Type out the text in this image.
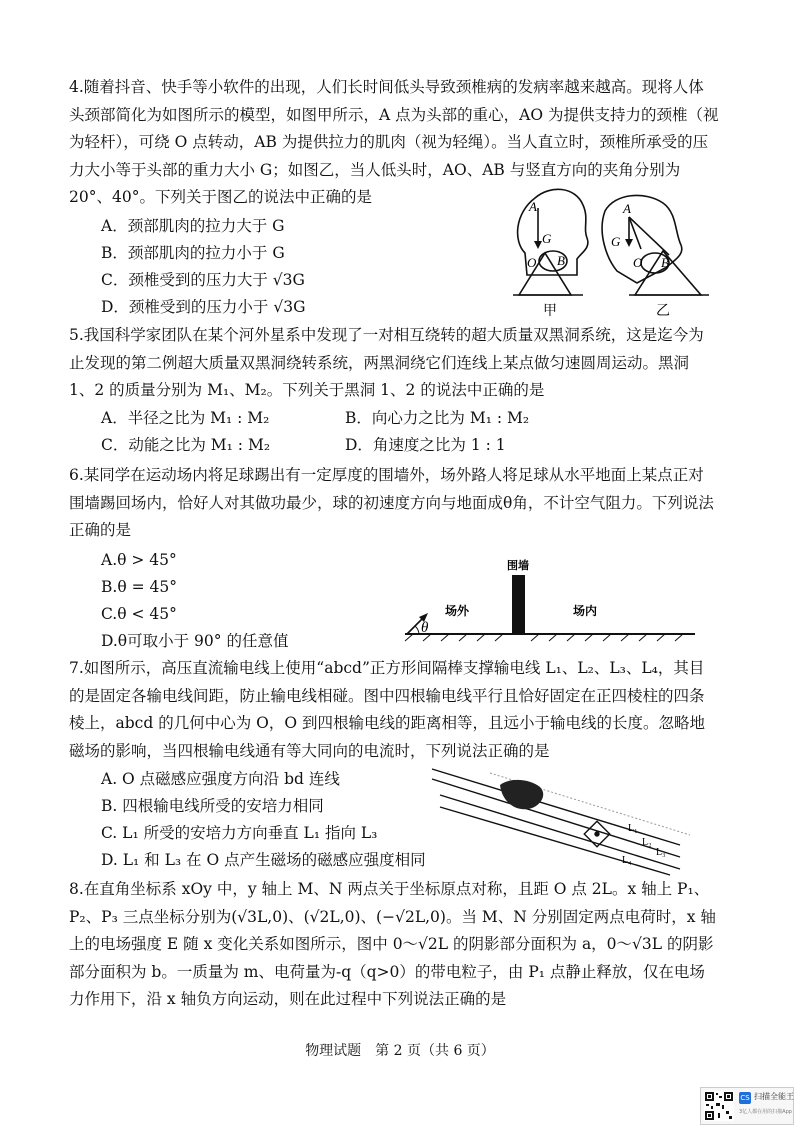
4.随着抖音、快手等小软件的出现，人们长时间低头导致颈椎病的发病率越来越高。现将人体头颈部简化为如图所示的模型，如图甲所示，A 点为头部的重心，AO 为提供支持力的颈椎（视为轻杆），可绕 O 点转动，AB 为提供拉力的肌肉（视为轻绳）。当人直立时，颈椎所承受的压力大小等于头部的重力大小 G；如图乙，当人低头时，AO、AB 与竖直方向的夹角分别为 20°、40°。下列关于图乙的说法中正确的是

A．颈部肌肉的拉力大于 G
B．颈部肌肉的拉力小于 G
C．颈椎受到的压力大于 √3G
D．颈椎受到的压力小于 √3G
A
G
O B
甲
A
G
O B
乙

5.我国科学家团队在某个河外星系中发现了一对相互绕转的超大质量双黑洞系统，这是迄今为止发现的第二例超大质量双黑洞绕转系统，两黑洞绕它们连线上某点做匀速圆周运动。黑洞 1、2 的质量分别为 M₁、M₂。下列关于黑洞 1、2 的说法中正确的是

A．半径之比为 M₁ : M₂	B．向心力之比为 M₁ : M₂
C．动能之比为 M₁ : M₂	D．角速度之比为 1 : 1

6.某同学在运动场内将足球踢出有一定厚度的围墙外，场外路人将足球从水平地面上某点正对围墙踢回场内，恰好人对其做功最少，球的初速度方向与地面成θ角，不计空气阻力。下列说法正确的是

A.θ > 45°
B.θ = 45°
C.θ < 45°
D.θ可取小于 90° 的任意值
θ
围墙
场外	场内

7.如图所示，高压直流输电线上使用“abcd”正方形间隔棒支撑输电线 L₁、L₂、L₃、L₄，其目的是固定各输电线间距，防止输电线相碰。图中四根输电线平行且恰好固定在正四棱柱的四条棱上，abcd 的几何中心为 O，O 到四根输电线的距离相等，且远小于输电线的长度。忽略地磁场的影响，当四根输电线通有等大同向的电流时，下列说法正确的是

A. O 点磁感应强度方向沿 bd 连线
B. 四根输电线所受的安培力相同
C. L₁ 所受的安培力方向垂直 L₁ 指向 L₃
D. L₁ 和 L₃ 在 O 点产生磁场的磁感应强度相同
L₁
L₂
L₃
L₄

8.在直角坐标系 xOy 中，y 轴上 M、N 两点关于坐标原点对称，且距 O 点 2L。x 轴上 P₁、P₂、P₃ 三点坐标分别为(√3L,0)、(√2L,0)、(−√2L,0)。当 M、N 分别固定两点电荷时，x 轴上的电场强度 E 随 x 变化关系如图所示，图中 0～√2L 的阴影部分面积为 a，0～√3L 的阴影部分面积为 b。一质量为 m、电荷量为-q（q>0）的带电粒子，由 P₁ 点静止释放，仅在电场力作用下，沿 x 轴负方向运动，则在此过程中下列说法正确的是

物理试题　第 2 页（共 6 页）
CS 扫描全能王
3亿人都在用的扫描App
